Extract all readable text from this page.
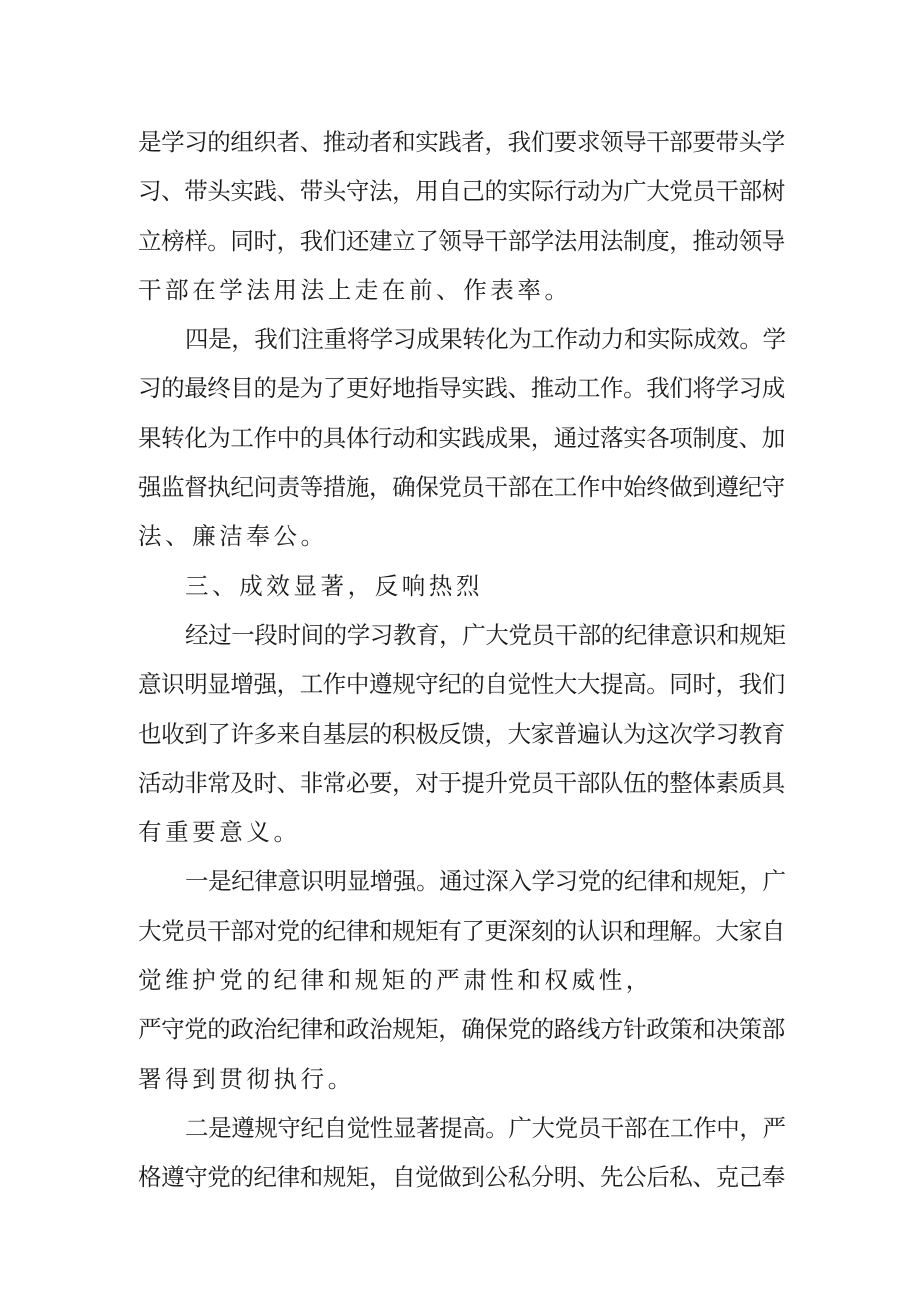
是学习的组织者、推动者和实践者，我们要求领导干部要带头学
习、带头实践、带头守法，用自己的实际行动为广大党员干部树
立榜样。同时，我们还建立了领导干部学法用法制度，推动领导
干部在学法用法上走在前、作表率。
四是，我们注重将学习成果转化为工作动力和实际成效。学
习的最终目的是为了更好地指导实践、推动工作。我们将学习成
果转化为工作中的具体行动和实践成果，通过落实各项制度、加
强监督执纪问责等措施，确保党员干部在工作中始终做到遵纪守
法、廉洁奉公。
三、成效显著，反响热烈
经过一段时间的学习教育，广大党员干部的纪律意识和规矩
意识明显增强，工作中遵规守纪的自觉性大大提高。同时，我们
也收到了许多来自基层的积极反馈，大家普遍认为这次学习教育
活动非常及时、非常必要，对于提升党员干部队伍的整体素质具
有重要意义。
一是纪律意识明显增强。通过深入学习党的纪律和规矩，广
大党员干部对党的纪律和规矩有了更深刻的认识和理解。大家自
觉维护党的纪律和规矩的严肃性和权威性，
严守党的政治纪律和政治规矩，确保党的路线方针政策和决策部
署得到贯彻执行。
二是遵规守纪自觉性显著提高。广大党员干部在工作中，严
格遵守党的纪律和规矩，自觉做到公私分明、先公后私、克己奉
